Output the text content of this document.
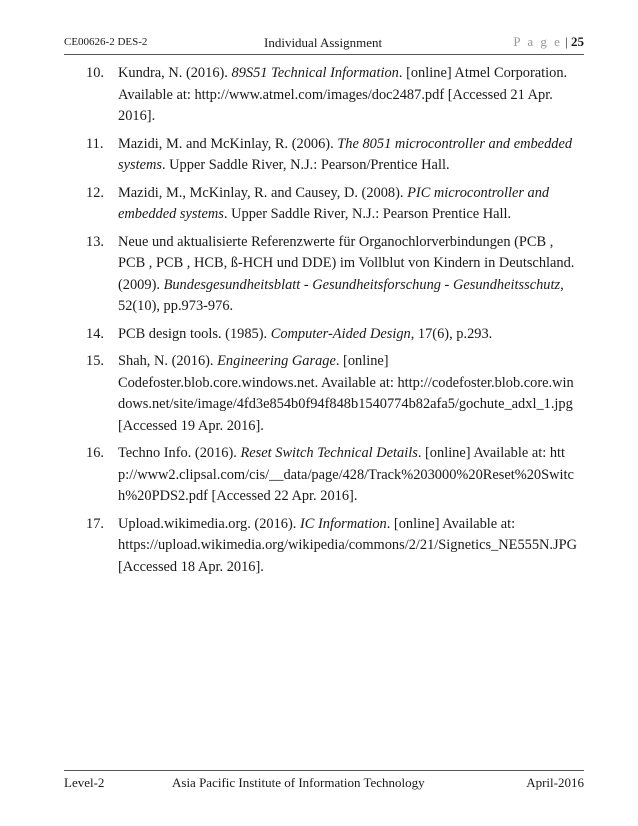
CE00626-2 DES-2	Individual Assignment	P a g e | 25
10. Kundra, N. (2016). 89S51 Technical Information. [online] Atmel Corporation. Available at: http://www.atmel.com/images/doc2487.pdf [Accessed 21 Apr. 2016].
11. Mazidi, M. and McKinlay, R. (2006). The 8051 microcontroller and embedded systems. Upper Saddle River, N.J.: Pearson/Prentice Hall.
12. Mazidi, M., McKinlay, R. and Causey, D. (2008). PIC microcontroller and embedded systems. Upper Saddle River, N.J.: Pearson Prentice Hall.
13. Neue und aktualisierte Referenzwerte für Organochlorverbindungen (PCB , PCB , PCB , HCB, ß-HCH und DDE) im Vollblut von Kindern in Deutschland. (2009). Bundesgesundheitsblatt - Gesundheitsforschung - Gesundheitsschutz, 52(10), pp.973-976.
14. PCB design tools. (1985). Computer-Aided Design, 17(6), p.293.
15. Shah, N. (2016). Engineering Garage. [online] Codefoster.blob.core.windows.net. Available at: http://codefoster.blob.core.windows.net/site/image/4fd3e854b0f94f848b1540774b82afa5/gochute_adxl_1.jpg [Accessed 19 Apr. 2016].
16. Techno Info. (2016). Reset Switch Technical Details. [online] Available at: http://www2.clipsal.com/cis/__data/page/428/Track%203000%20Reset%20Switch%20PDS2.pdf [Accessed 22 Apr. 2016].
17. Upload.wikimedia.org. (2016). IC Information. [online] Available at: https://upload.wikimedia.org/wikipedia/commons/2/21/Signetics_NE555N.JPG [Accessed 18 Apr. 2016].
Level-2	Asia Pacific Institute of Information Technology	April-2016
